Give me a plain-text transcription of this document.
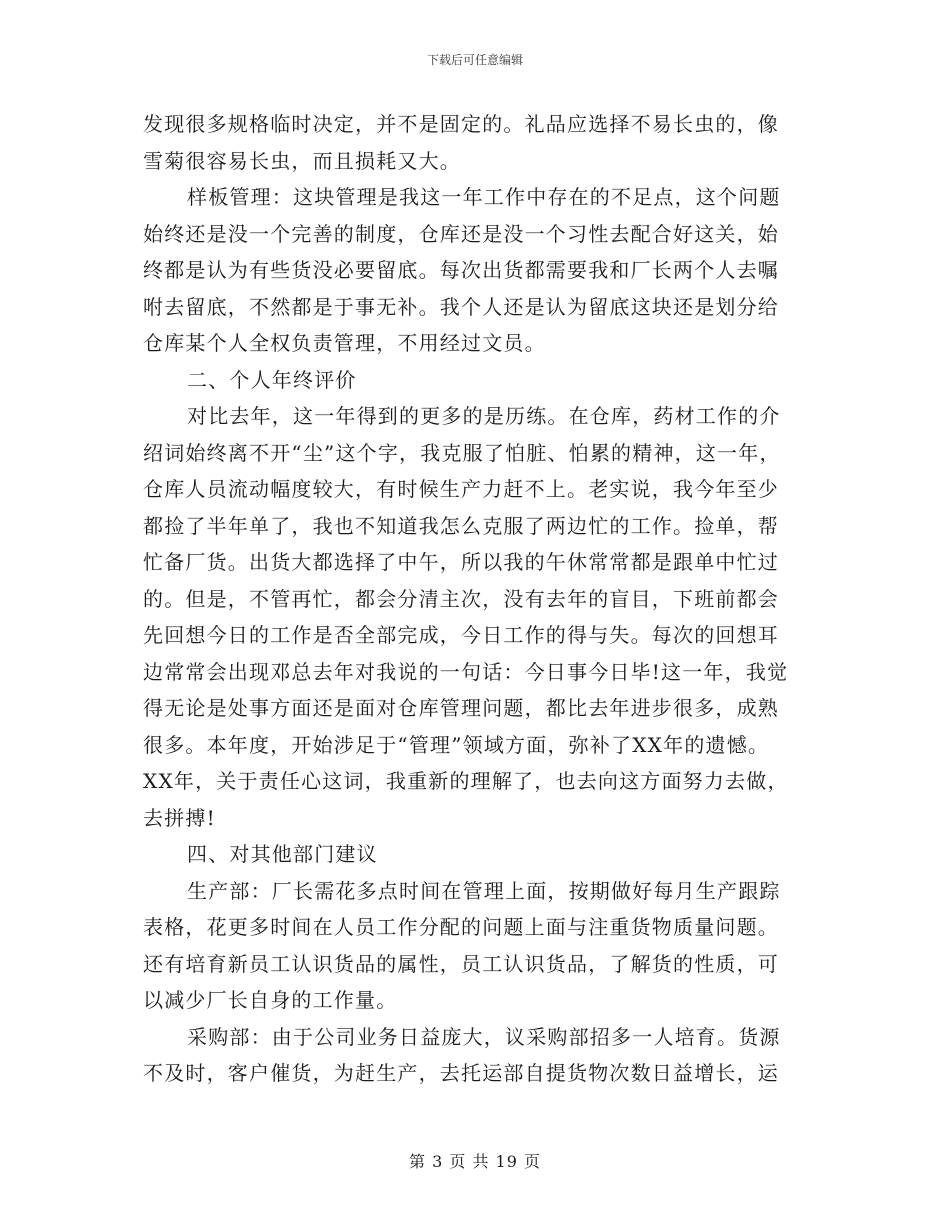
下载后可任意编辑
发现很多规格临时决定，并不是固定的。礼品应选择不易长虫的，像
雪菊很容易长虫，而且损耗又大。
样板管理：这块管理是我这一年工作中存在的不足点，这个问题
始终还是没一个完善的制度，仓库还是没一个习性去配合好这关，始
终都是认为有些货没必要留底。每次出货都需要我和厂长两个人去嘱
咐去留底，不然都是于事无补。我个人还是认为留底这块还是划分给
仓库某个人全权负责管理，不用经过文员。
二、个人年终评价
对比去年，这一年得到的更多的是历练。在仓库，药材工作的介
绍词始终离不开“尘”这个字，我克服了怕脏、怕累的精神，这一年，
仓库人员流动幅度较大，有时候生产力赶不上。老实说，我今年至少
都捡了半年单了，我也不知道我怎么克服了两边忙的工作。捡单，帮
忙备厂货。出货大都选择了中午，所以我的午休常常都是跟单中忙过
的。但是，不管再忙，都会分清主次，没有去年的盲目，下班前都会
先回想今日的工作是否全部完成，今日工作的得与失。每次的回想耳
边常常会出现邓总去年对我说的一句话：今日事今日毕!这一年，我觉
得无论是处事方面还是面对仓库管理问题，都比去年进步很多，成熟
很多。本年度，开始涉足于“管理”领域方面，弥补了XX年的遗憾。
XX年，关于责任心这词，我重新的理解了，也去向这方面努力去做，
去拼搏!
四、对其他部门建议
生产部：厂长需花多点时间在管理上面，按期做好每月生产跟踪
表格，花更多时间在人员工作分配的问题上面与注重货物质量问题。
还有培育新员工认识货品的属性，员工认识货品，了解货的性质，可
以减少厂长自身的工作量。
采购部：由于公司业务日益庞大，议采购部招多一人培育。货源
不及时，客户催货，为赶生产，去托运部自提货物次数日益增长，运
第 3 页 共 19 页
